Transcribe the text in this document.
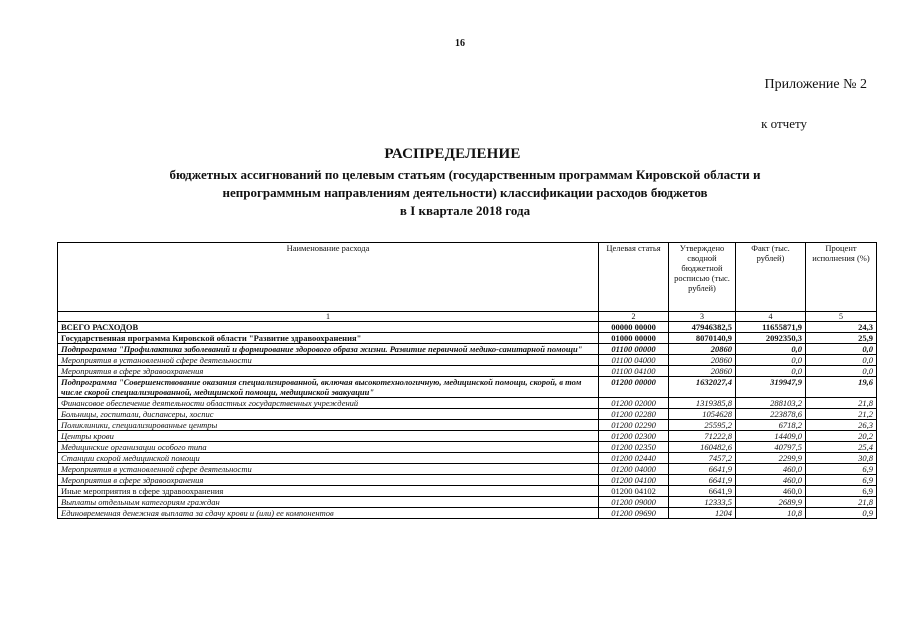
16
Приложение № 2
к отчету
РАСПРЕДЕЛЕНИЕ
бюджетных ассигнований по целевым статьям (государственным программам Кировской области и
непрограммным направлениям деятельности) классификации расходов бюджетов
в I квартале 2018 года
Наименование расхода	Целевая статья	Утверждено сводной бюджетной росписью (тыс. рублей)	Факт (тыс. рублей)	Процент исполнения (%)
1	2	3	4	5
ВСЕГО РАСХОДОВ	00000 00000	47946382,5	11655871,9	24,3
Государственная программа Кировской области "Развитие здравоохранения"	01000 00000	8070140,9	2092350,3	25,9
Подпрограмма "Профилактика заболеваний и формирование здорового образа жизни. Развитие первичной медико-санитарной помощи"	01100 00000	20860	0,0	0,0
Мероприятия в установленной сфере деятельности	01100 04000	20860	0,0	0,0
Мероприятия в сфере здравоохранения	01100 04100	20860	0,0	0,0
Подпрограмма "Совершенствование оказания специализированной, включая высокотехнологичную, медицинской помощи, скорой, в том числе скорой специализированной, медицинской помощи, медицинской эвакуации"	01200 00000	1632027,4	319947,9	19,6
Финансовое обеспечение деятельности областных государственных учреждений	01200 02000	1319385,8	288103,2	21,8
Больницы, госпитали, диспансеры, хоспис	01200 02280	1054628	223878,6	21,2
Поликлиники, специализированные центры	01200 02290	25595,2	6718,2	26,3
Центры крови	01200 02300	71222,8	14409,0	20,2
Медицинские организации особого типа	01200 02350	160482,6	40797,5	25,4
Станции скорой медицинской помощи	01200 02440	7457,2	2299,9	30,8
Мероприятия в установленной сфере деятельности	01200 04000	6641,9	460,0	6,9
Мероприятия в сфере здравоохранения	01200 04100	6641,9	460,0	6,9
Иные мероприятия в сфере здравоохранения	01200 04102	6641,9	460,0	6,9
Выплаты отдельным категориям граждан	01200 09000	12333,5	2689,9	21,8
Единовременная денежная выплата за сдачу крови и (или) ее компонентов	01200 09690	1204	10,8	0,9
